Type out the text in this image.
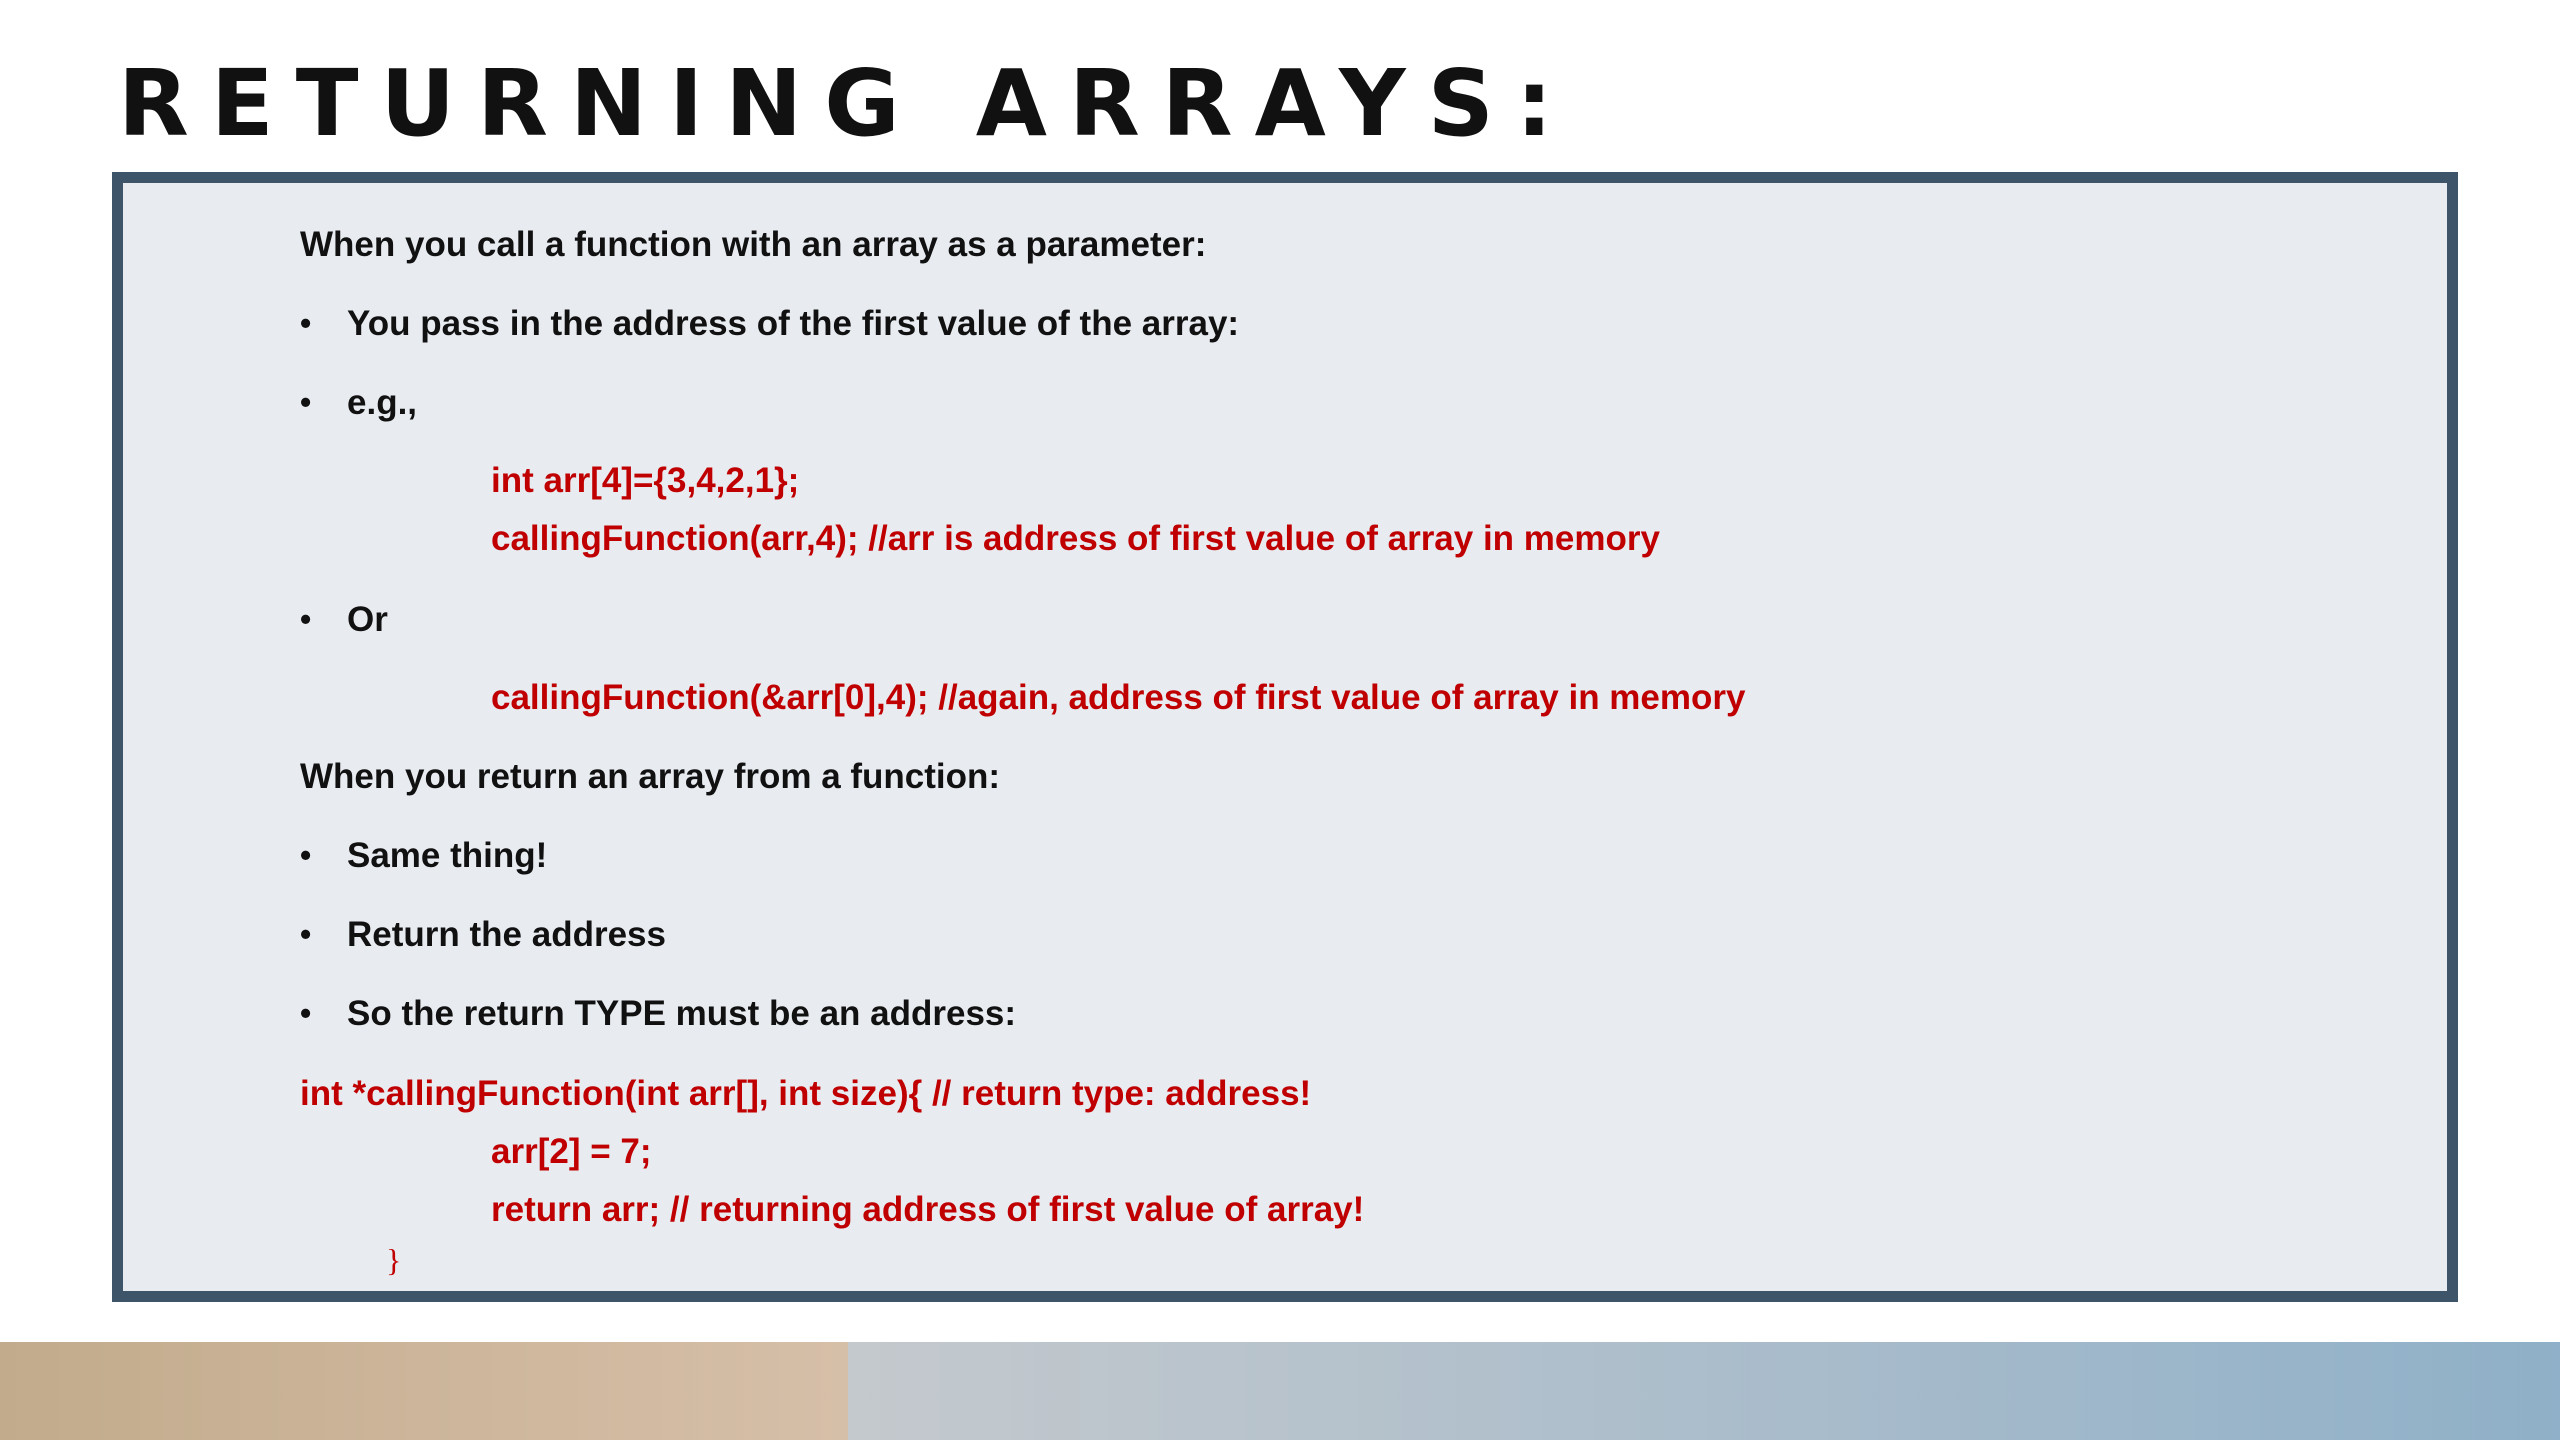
RETURNING ARRAYS:
When you call a function with an array as a parameter:
• You pass in the address of the first value of the array:
• e.g.,
int arr[4]={3,4,2,1};
callingFunction(arr,4); //arr is address of first value of array in memory
• Or
callingFunction(&arr[0],4); //again, address of first value of array in memory
When you return an array from a function:
• Same thing!
• Return the address
• So the return TYPE must be an address:
int *callingFunction(int arr[], int size){ // return type: address!
arr[2] = 7;
return arr; // returning address of first value of array!
}
